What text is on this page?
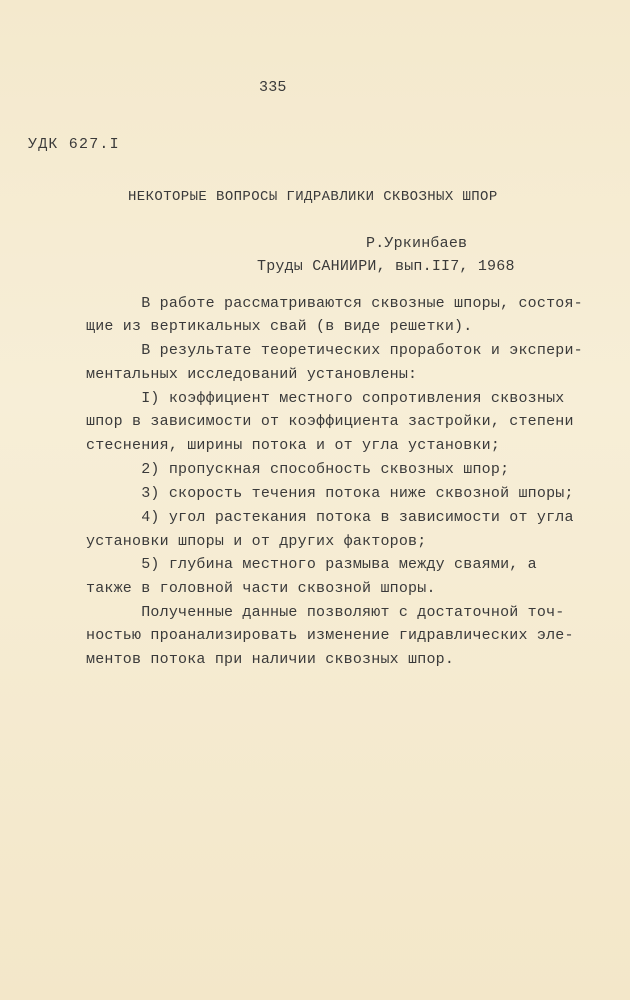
335
УДК 627.I
НЕКОТОРЫЕ ВОПРОСЫ ГИДРАВЛИКИ СКВОЗНЫХ ШПОР
Р.Уркинбаев
Труды САНИИРИ, вып.II7, 1968
В работе рассматриваются сквозные шпоры, состоя-
щие из вертикальных свай (в виде решетки).
В результате теоретических проработок и экспери-
ментальных исследований установлены:
I) коэффициент местного сопротивления сквозных
шпор в зависимости от коэффициента застройки, степени
стеснения, ширины потока и от угла установки;
2) пропускная способность сквозных шпор;
3) скорость течения потока ниже сквозной шпоры;
4) угол растекания потока в зависимости от угла
установки шпоры и от других факторов;
5) глубина местного размыва между сваями, а
также в головной части сквозной шпоры.
Полученные данные позволяют с достаточной точ-
ностью проанализировать изменение гидравлических эле-
ментов потока при наличии сквозных шпор.
